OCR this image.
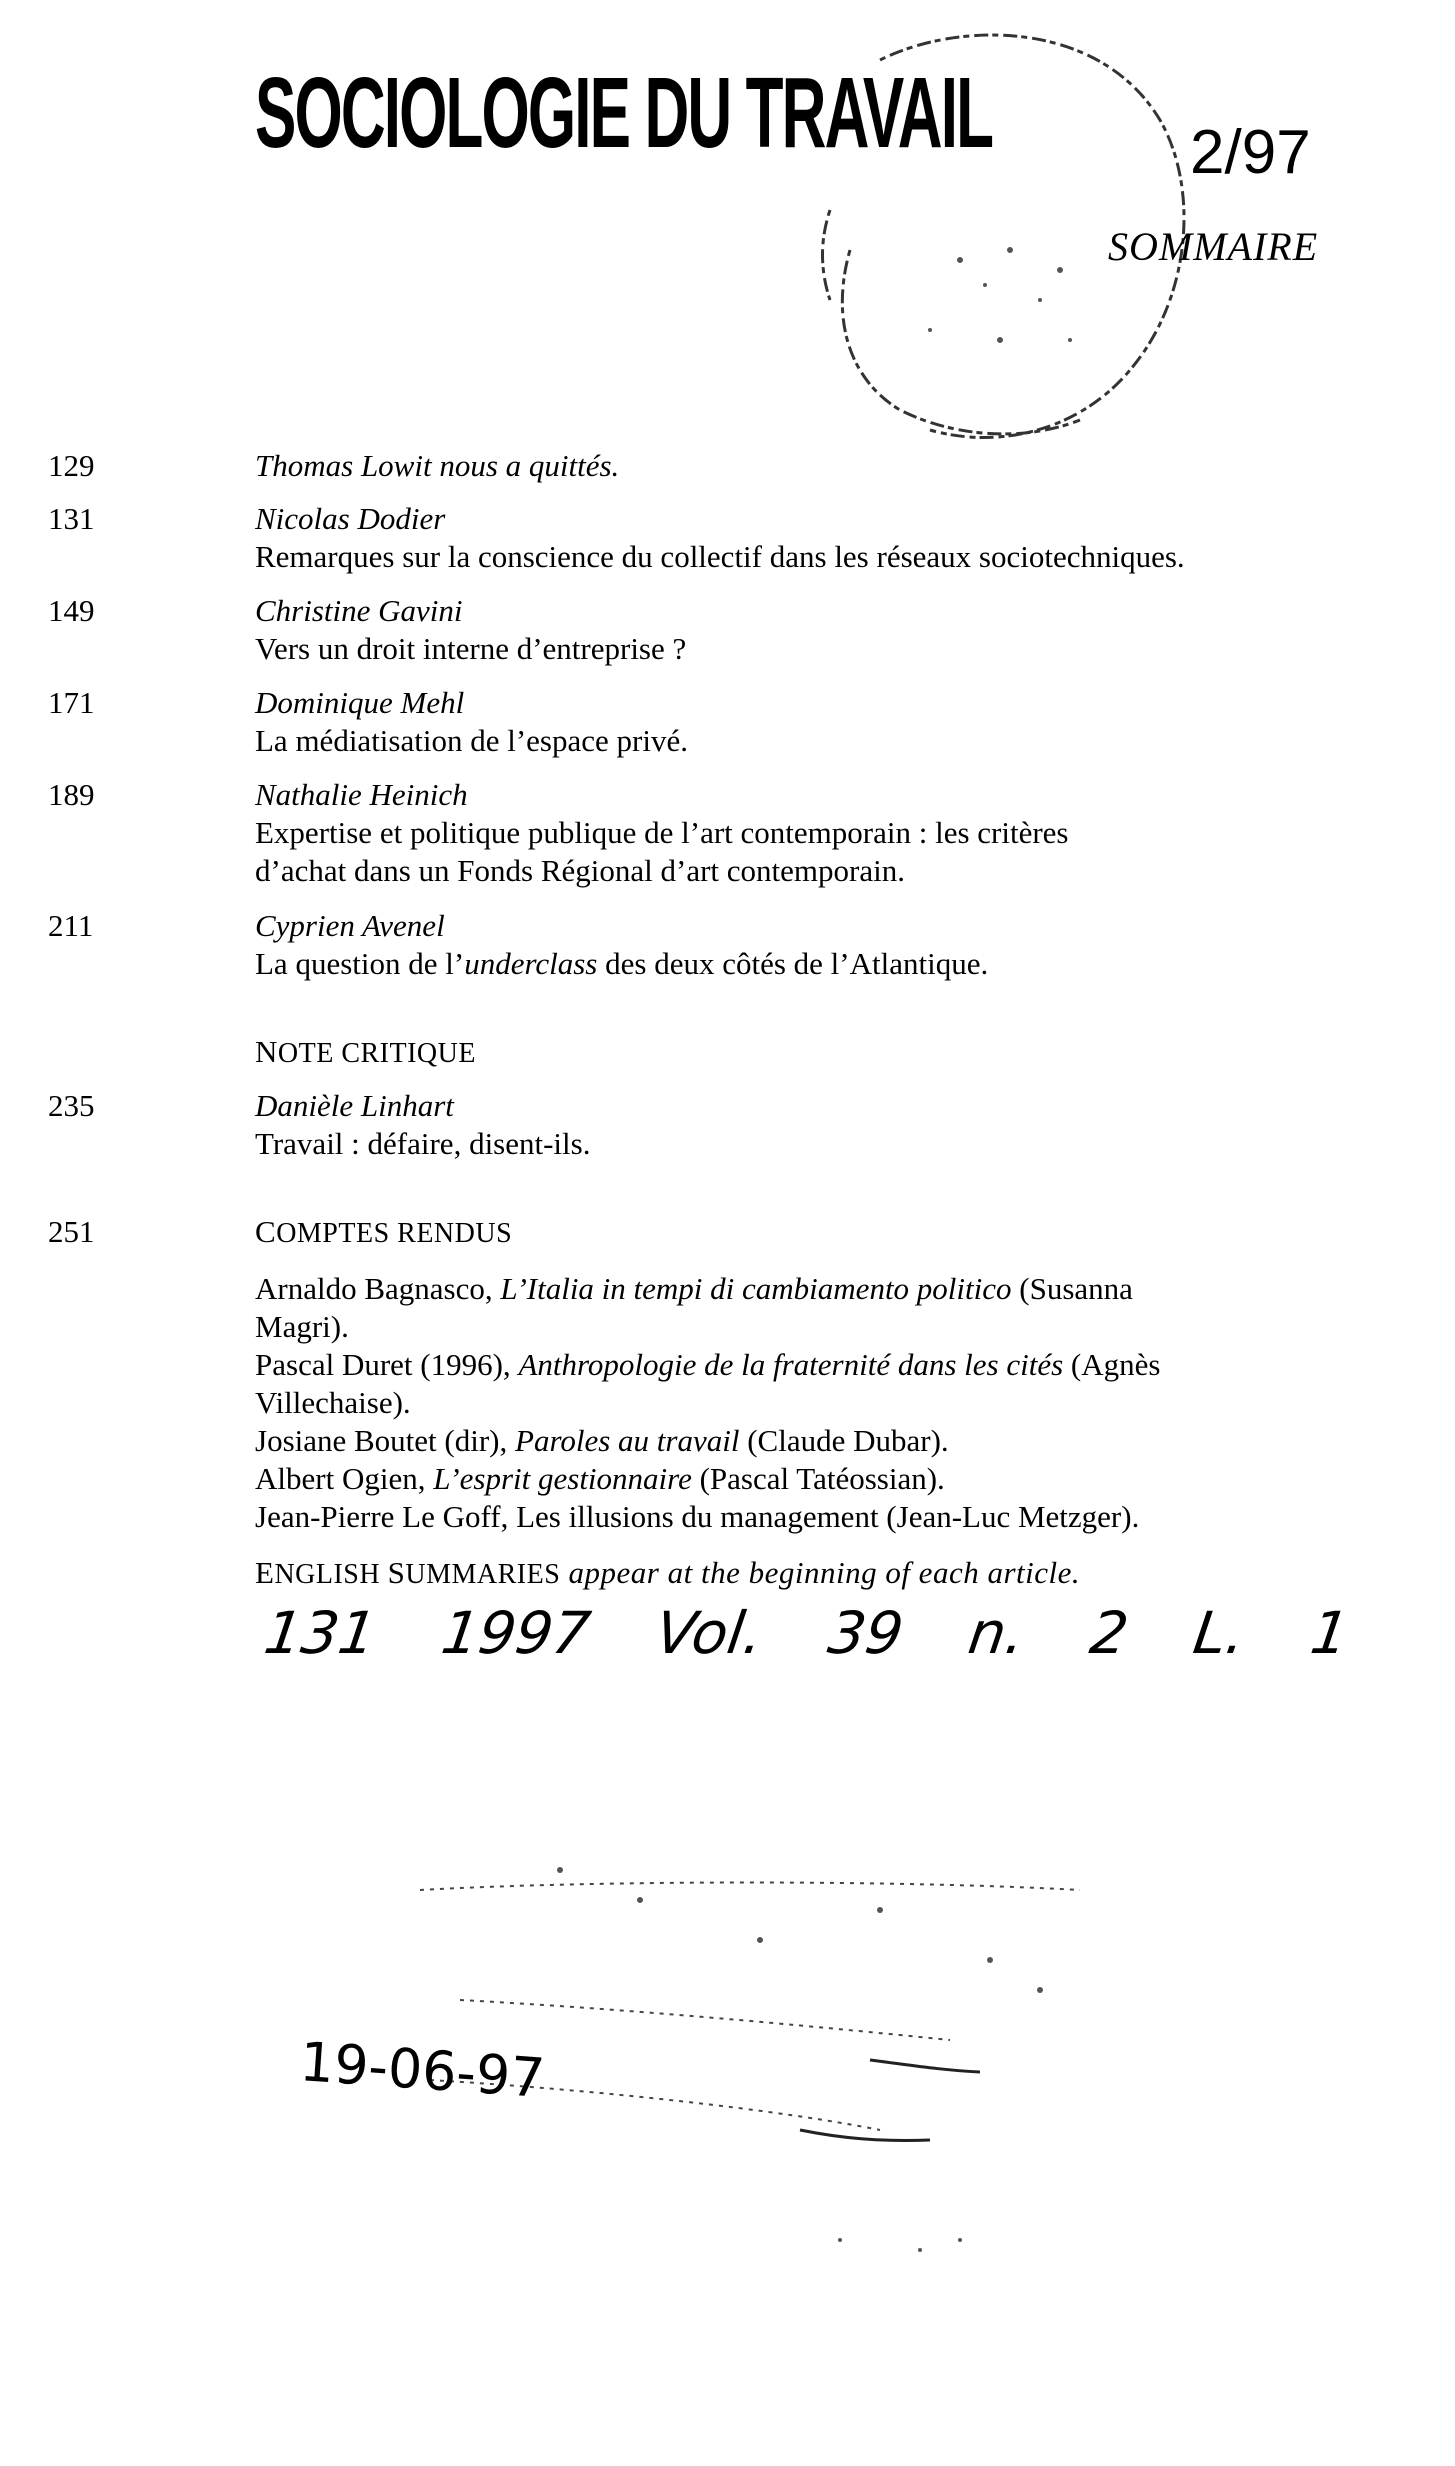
SOCIOLOGIE DU TRAVAIL	2/97
SOMMAIRE
129	Thomas Lowit nous a quittés.
131	Nicolas Dodier
Remarques sur la conscience du collectif dans les réseaux sociotechniques.
149	Christine Gavini
Vers un droit interne d’entreprise ?
171	Dominique Mehl
La médiatisation de l’espace privé.
189	Nathalie Heinich
Expertise et politique publique de l’art contemporain : les critères
d’achat dans un Fonds Régional d’art contemporain.
211	Cyprien Avenel
La question de l’underclass des deux côtés de l’Atlantique.
NOTE CRITIQUE
235	Danièle Linhart
Travail : défaire, disent-ils.
251	COMPTES RENDUS
Arnaldo Bagnasco, L’Italia in tempi di cambiamento politico (Susanna
Magri).
Pascal Duret (1996), Anthropologie de la fraternité dans les cités (Agnès
Villechaise).
Josiane Boutet (dir), Paroles au travail (Claude Dubar).
Albert Ogien, L’esprit gestionnaire (Pascal Tatéossian).
Jean-Pierre Le Goff, Les illusions du management (Jean-Luc Metzger).
ENGLISH SUMMARIES appear at the beginning of each article.
131 1997 Vol. 39 n. 2 L. 1
19-06-97
